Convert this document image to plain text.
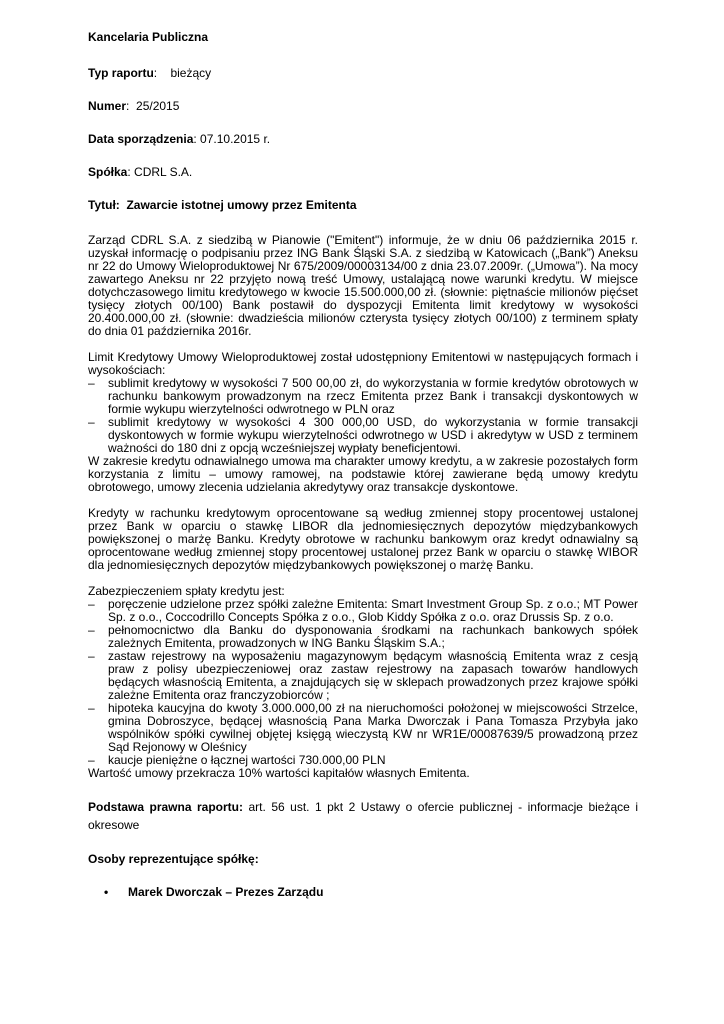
Kancelaria Publiczna
Typ raportu:    bieżący
Numer:  25/2015
Data sporządzenia: 07.10.2015 r.
Spółka: CDRL S.A.
Tytuł:  Zawarcie istotnej umowy przez Emitenta

Zarząd CDRL S.A. z siedzibą w Pianowie ("Emitent") informuje, że w dniu 06 października 2015 r. uzyskał informację o podpisaniu przez ING Bank Śląski S.A. z siedzibą w Katowicach („Bank”) Aneksu nr 22 do Umowy Wieloproduktowej Nr 675/2009/00003134/00 z dnia 23.07.2009r. („Umowa”). Na mocy zawartego Aneksu nr 22 przyjęto nową treść Umowy, ustalającą nowe warunki kredytu. W miejsce dotychczasowego limitu kredytowego w kwocie 15.500.000,00 zł. (słownie: piętnaście milionów pięćset tysięcy złotych 00/100) Bank postawił do dyspozycji Emitenta limit kredytowy w wysokości 20.400.000,00 zł. (słownie: dwadzieścia milionów czterysta tysięcy złotych 00/100) z terminem spłaty do dnia 01 października 2016r.

Limit Kredytowy Umowy Wieloproduktowej został udostępniony Emitentowi w następujących formach i wysokościach:

– sublimit kredytowy w wysokości 7 500 00,00 zł, do wykorzystania w formie kredytów obrotowych w rachunku bankowym prowadzonym na rzecz Emitenta przez Bank i transakcji dyskontowych w formie wykupu wierzytelności odwrotnego w PLN oraz
– sublimit kredytowy w wysokości 4 300 000,00 USD, do wykorzystania w formie transakcji dyskontowych w formie wykupu wierzytelności odwrotnego w USD i akredytyw w USD z terminem ważności do 180 dni z opcją wcześniejszej wypłaty beneficjentowi.

W zakresie kredytu odnawialnego umowa ma charakter umowy kredytu, a w zakresie pozostałych form korzystania z limitu – umowy ramowej, na podstawie której zawierane będą umowy kredytu obrotowego, umowy zlecenia udzielania akredytywy oraz transakcje dyskontowe.

Kredyty w rachunku kredytowym oprocentowane są według zmiennej stopy procentowej ustalonej przez Bank w oparciu o stawkę LIBOR dla jednomiesięcznych depozytów międzybankowych powiększonej o marżę Banku. Kredyty obrotowe w rachunku bankowym oraz kredyt odnawialny są oprocentowane według zmiennej stopy procentowej ustalonej przez Bank w oparciu o stawkę WIBOR dla jednomiesięcznych depozytów międzybankowych powiększonej o marżę Banku.

Zabezpieczeniem spłaty kredytu jest:

– poręczenie udzielone przez spółki zależne Emitenta: Smart Investment Group Sp. z o.o.; MT Power Sp. z o.o., Coccodrillo Concepts Spółka z o.o., Glob Kiddy Spółka z o.o. oraz Drussis Sp. z o.o.
– pełnomocnictwo dla Banku do dysponowania środkami na rachunkach bankowych spółek zależnych Emitenta, prowadzonych w ING Banku Śląskim S.A.;
– zastaw rejestrowy na wyposażeniu magazynowym będącym własnością Emitenta wraz z cesją praw z polisy ubezpieczeniowej oraz zastaw rejestrowy na zapasach towarów handlowych będących własnością Emitenta, a znajdujących się w sklepach prowadzonych przez krajowe spółki zależne Emitenta oraz franczyzobiorców ;
– hipoteka kaucyjna do kwoty 3.000.000,00 zł na nieruchomości położonej w miejscowości Strzelce, gmina Dobroszyce, będącej własnością Pana Marka Dworczak i Pana Tomasza Przybyła jako wspólników spółki cywilnej objętej księgą wieczystą KW nr WR1E/00087639/5 prowadzoną przez Sąd Rejonowy w Oleśnicy
– kaucje pieniężne o łącznej wartości 730.000,00 PLN

Wartość umowy przekracza 10% wartości kapitałów własnych Emitenta.

Podstawa prawna raportu: art. 56 ust. 1 pkt 2 Ustawy o ofercie publicznej - informacje bieżące i okresowe

Osoby reprezentujące spółkę:
• Marek Dworczak – Prezes Zarządu
